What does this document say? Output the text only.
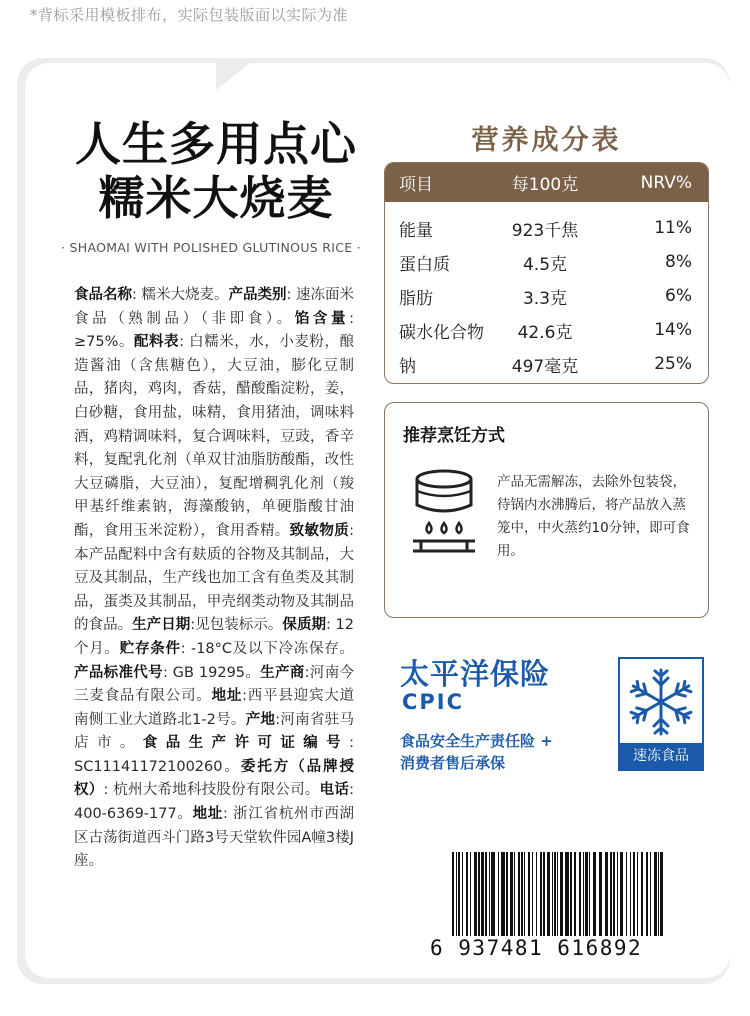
*背标采用模板排布，实际包装版面以实际为准
人生多用点心
糯米大烧麦
· SHAOMAI WITH POLISHED GLUTINOUS RICE ·
食品名称: 糯米大烧麦。产品类别: 速冻面米食品（熟制品）（非即食）。馅含量: ≥75%。配料表: 白糯米，水，小麦粉，酿造酱油（含焦糖色），大豆油，膨化豆制品，猪肉，鸡肉，香菇，醋酸酯淀粉，姜，白砂糖，食用盐，味精，食用猪油，调味料酒，鸡精调味料，复合调味料，豆豉，香辛料，复配乳化剂（单双甘油脂肪酸酯，改性大豆磷脂，大豆油），复配增稠乳化剂（羧甲基纤维素钠，海藻酸钠，单硬脂酸甘油酯，食用玉米淀粉），食用香精。致敏物质:本产品配料中含有麸质的谷物及其制品，大豆及其制品，生产线也加工含有鱼类及其制品，蛋类及其制品，甲壳纲类动物及其制品的食品。生产日期:见包装标示。保质期: 12个月。贮存条件: -18°C及以下冷冻保存。产品标准代号: GB 19295。生产商:河南今三麦食品有限公司。地址:西平县迎宾大道南侧工业大道路北1-2号。产地:河南省驻马店市。食品生产许可证编号: SC11141172100260。委托方（品牌授权）: 杭州大希地科技股份有限公司。电话: 400-6369-177。地址: 浙江省杭州市西湖区古荡街道西斗门路3号天堂软件园A幢3楼J座。
营养成分表
项目	每100克	NRV%
能量	923千焦	11%
蛋白质	4.5克	8%
脂肪	3.3克	6%
碳水化合物	42.6克	14%
钠	497毫克	25%
推荐烹饪方式
产品无需解冻，去除外包装袋，待锅内水沸腾后，将产品放入蒸笼中，中火蒸约10分钟，即可食用。
太平洋保险
CPIC
食品安全生产责任险 +
消费者售后承保	速冻食品
6 937481 616892
